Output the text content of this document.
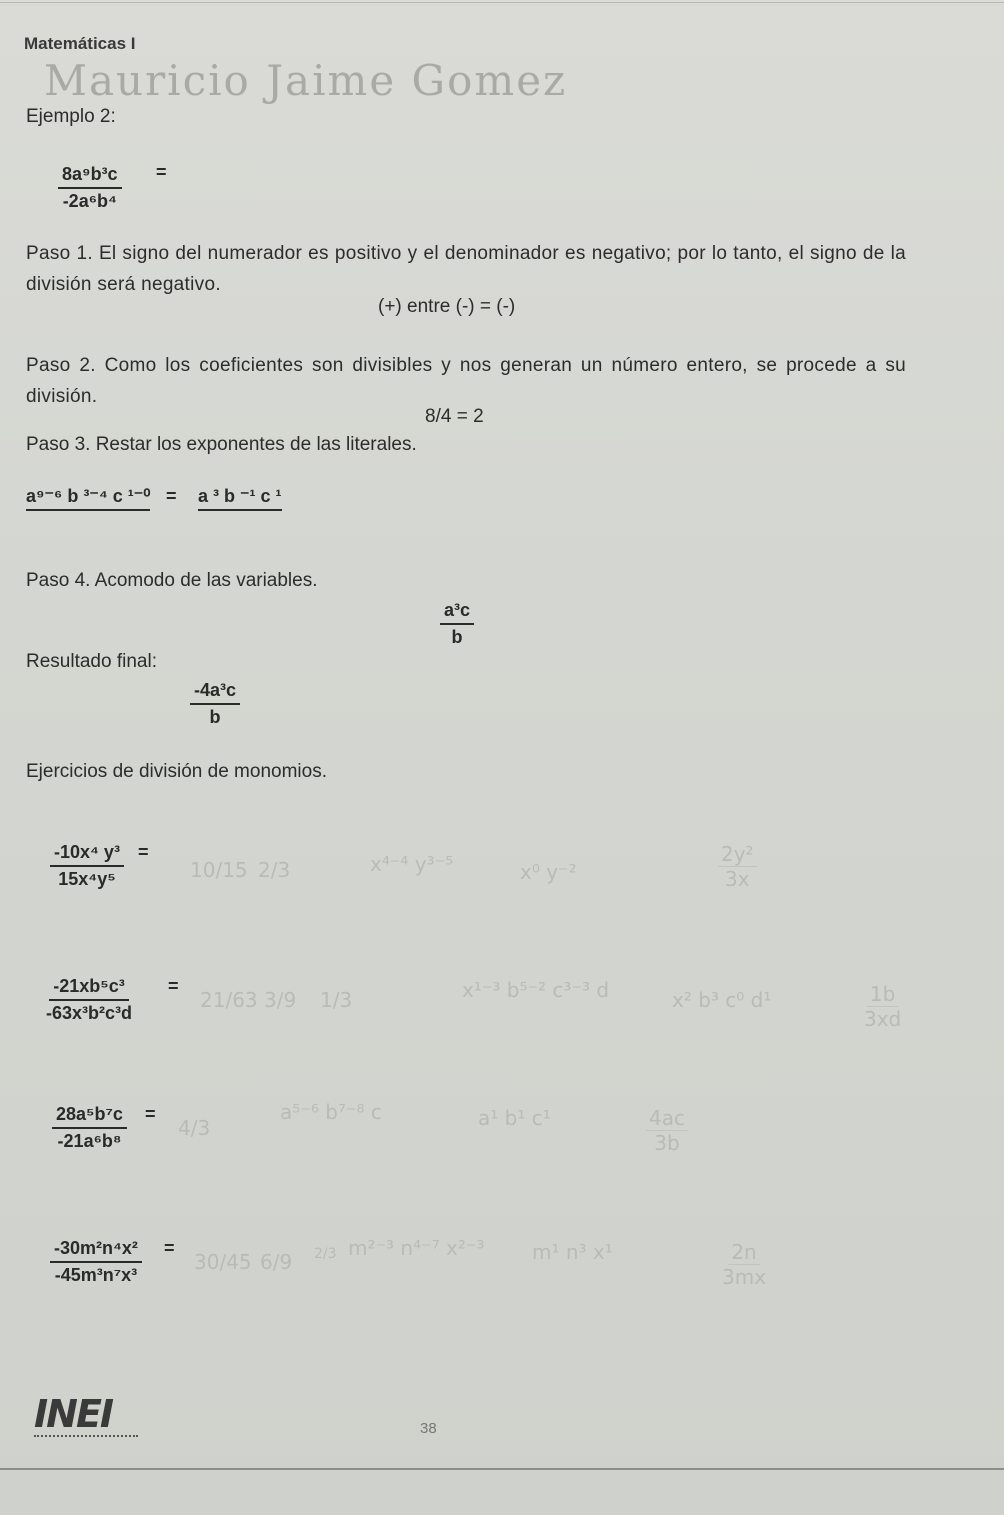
Matemáticas I
Mauricio Jaime Gomez
Ejemplo 2:
$\frac{\text{8a⁹b³c}}{\text{-2a⁶b⁴}}$ =
Paso 1. El signo del numerador es positivo y el denominador es negativo; por lo tanto, el signo de la división será negativo.
(+) entre (-) = (-)
Paso 2. Como los coeficientes son divisibles y nos generan un número entero, se procede a su división.
8/4 = 2
Paso 3. Restar los exponentes de las literales.
a⁹⁻⁶ b ³⁻⁴ c ¹⁻⁰ = a ³ b ⁻¹ c ¹
Paso 4. Acomodo de las variables.
$\frac{\text{a³c}}{b}$
Resultado final:
$\frac{\text{-4a³c}}{b}$
Ejercicios de división de monomios.
$\frac{\text{-10x⁴ y³}}{\text{15x⁴y⁵}}$ =
10/15 2/3	x⁴⁻⁴ y³⁻⁵	x⁰ y⁻²	$\frac{\text{2y²}}{3x}$
$\frac{\text{-21xb⁵c³}}{\text{-63x³b²c³d}}$ =
21/63 3/9 1/3	x¹⁻³ b⁵⁻² c³⁻³ d	x² b³ c⁰ d¹	$\frac{1b}{3xd}$
$\frac{\text{28a⁵b⁷c}}{\text{-21a⁶b⁸}}$ =
4/3
a⁵⁻⁶ b⁷⁻⁸ c	a¹ b¹ c¹	$\frac{4ac}{3b}$
$\frac{\text{-30m²n⁴x²}}{\text{-45m³n⁷x³}}$ =
30/45 6/9 2/3 m²⁻³ n⁴⁻⁷ x²⁻³ m¹ n³ x¹	$\frac{2n}{3mx}$
INEI	38
